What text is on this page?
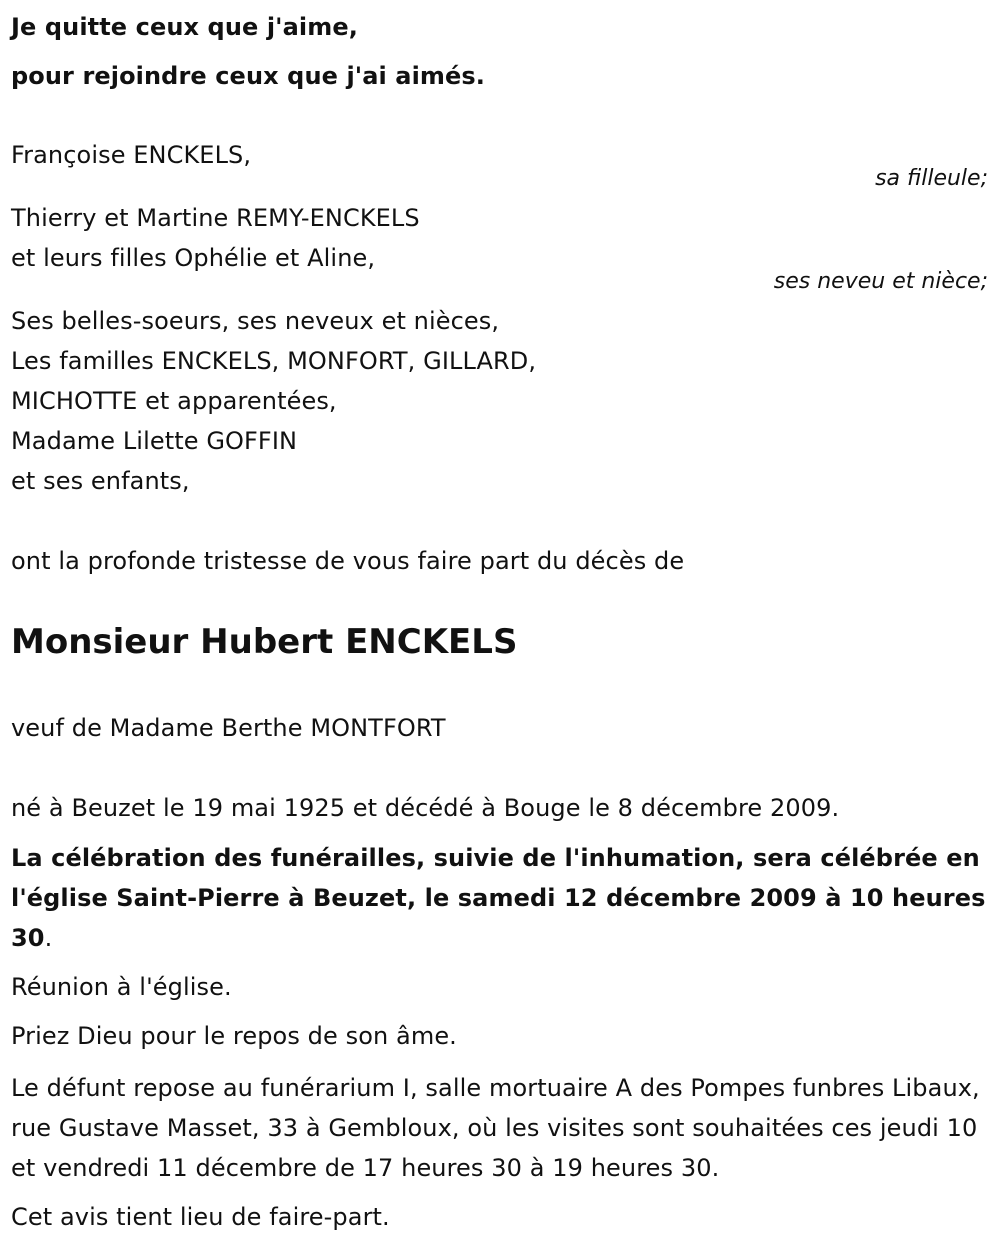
Je quitte ceux que j'aime,
pour rejoindre ceux que j'ai aimés.
Françoise ENCKELS,
sa filleule;
Thierry et Martine REMY-ENCKELS
et leurs filles Ophélie et Aline,
ses neveu et nièce;
Ses belles-soeurs, ses neveux et nièces,
Les familles ENCKELS, MONFORT, GILLARD,
MICHOTTE et apparentées,
Madame Lilette GOFFIN
et ses enfants,
ont la profonde tristesse de vous faire part du décès de
Monsieur Hubert ENCKELS
veuf de Madame Berthe MONTFORT
né à Beuzet le 19 mai 1925 et décédé à Bouge le 8 décembre 2009.
La célébration des funérailles, suivie de l'inhumation, sera célébrée en l'église Saint-Pierre à Beuzet, le samedi 12 décembre 2009 à 10 heures 30.
Réunion à l'église.
Priez Dieu pour le repos de son âme.
Le défunt repose au funérarium I, salle mortuaire A des Pompes funbres Libaux, rue Gustave Masset, 33 à Gembloux, où les visites sont souhaitées ces jeudi 10 et vendredi 11 décembre de 17 heures 30 à 19 heures 30.
Cet avis tient lieu de faire-part.
